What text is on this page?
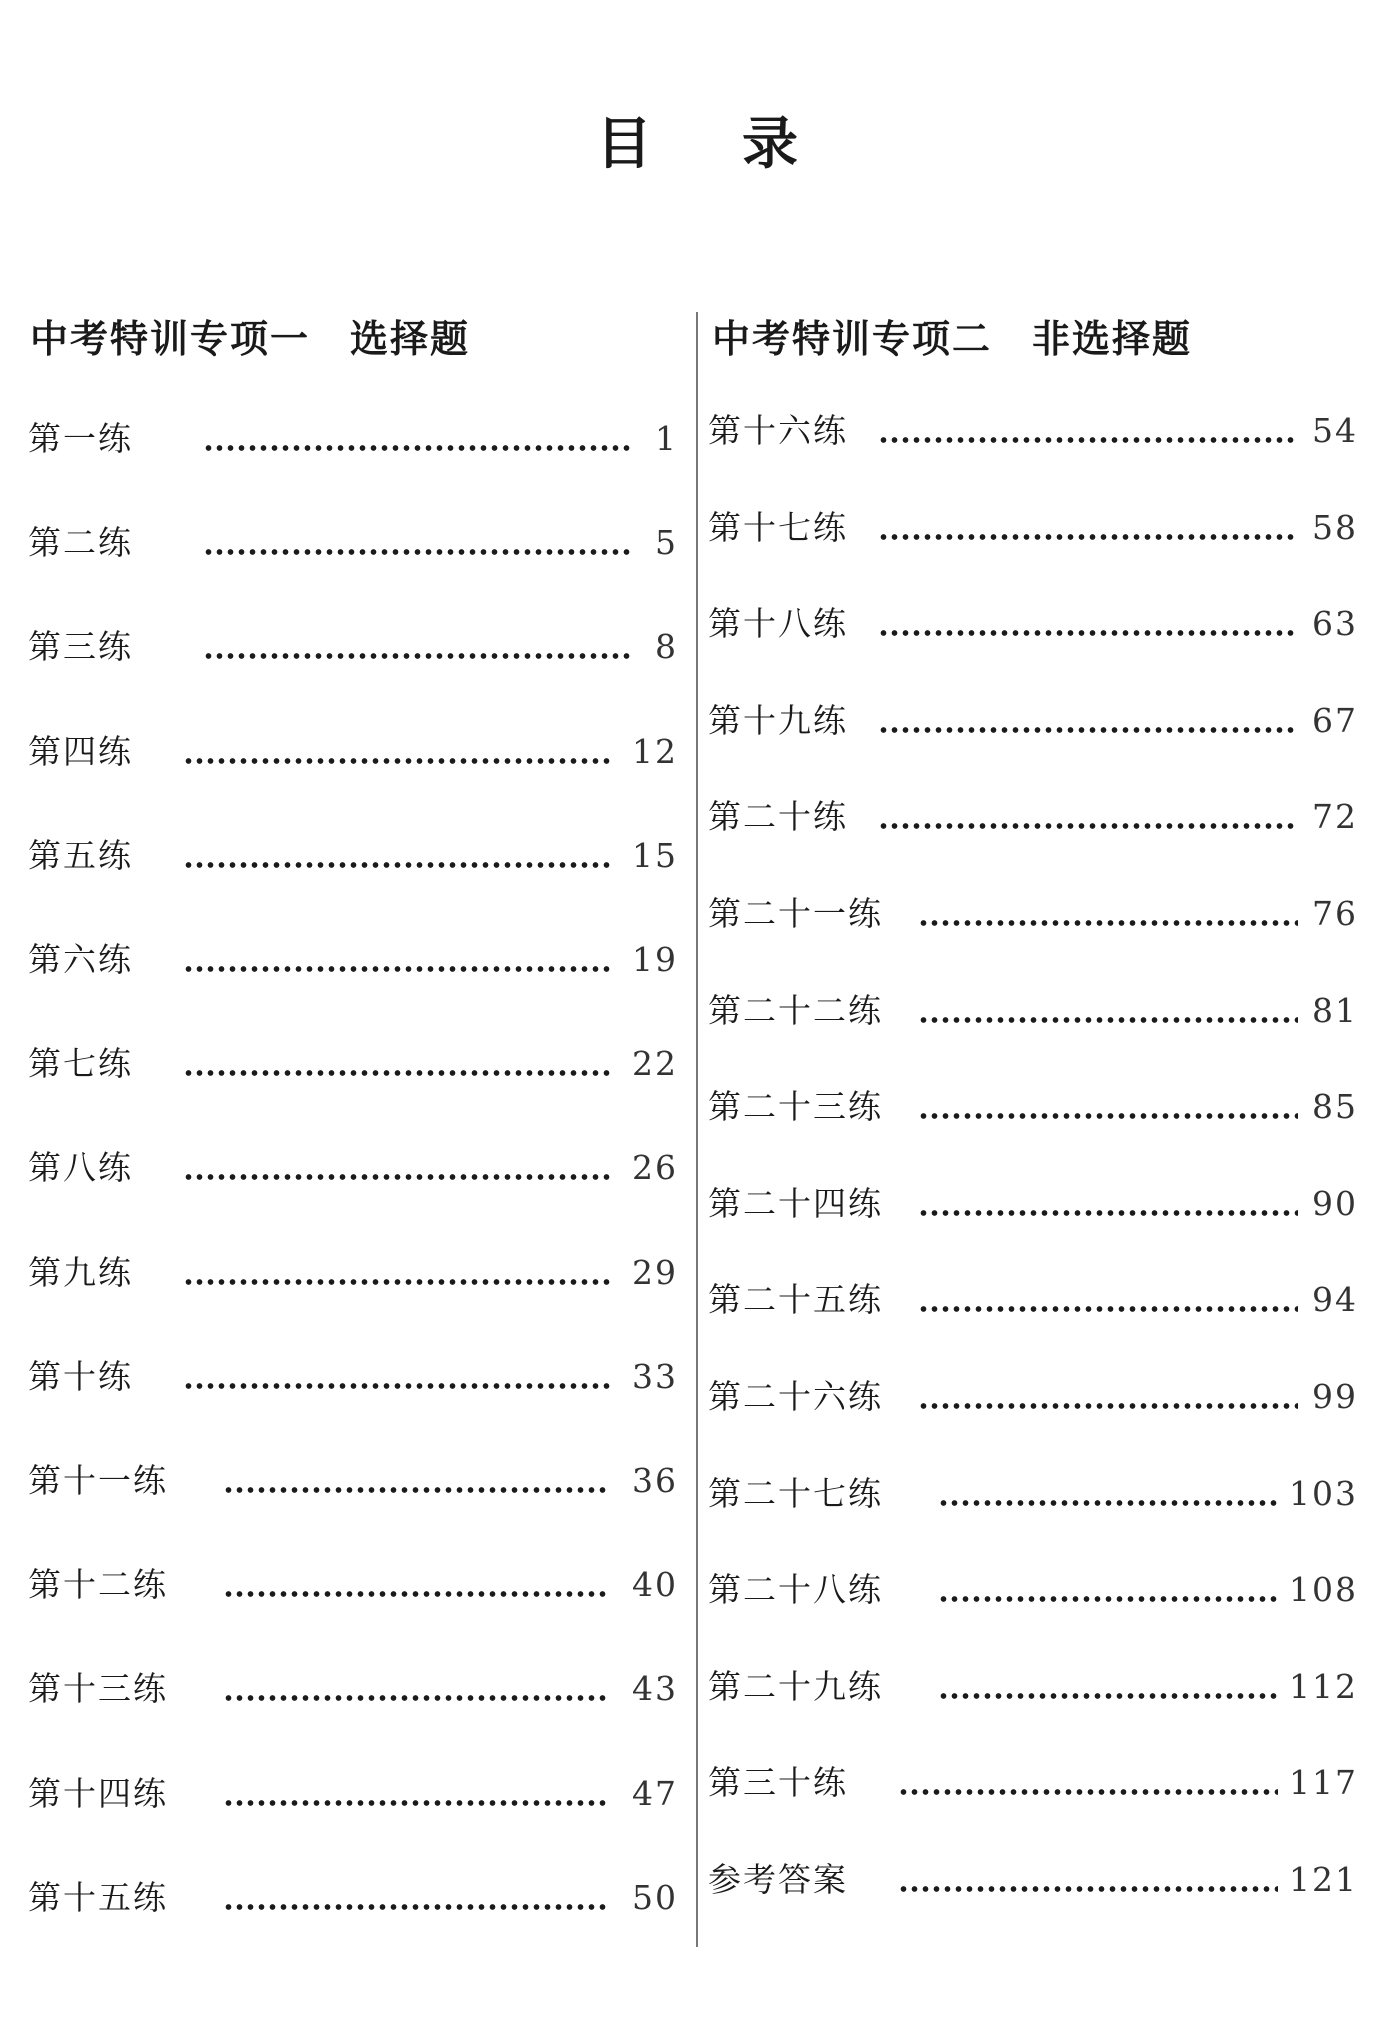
目 录
中考特训专项一　选择题	中考特训专项二　非选择题
第一练	1
第二练	5
第三练	8
第四练	12
第五练	15
第六练	19
第七练	22
第八练	26
第九练	29
第十练	33
第十一练	36
第十二练	40
第十三练	43
第十四练	47
第十五练	50
第十六练	54
第十七练	58
第十八练	63
第十九练	67
第二十练	72
第二十一练	76
第二十二练	81
第二十三练	85
第二十四练	90
第二十五练	94
第二十六练	99
第二十七练	103
第二十八练	108
第二十九练	112
第三十练	117
参考答案	121
